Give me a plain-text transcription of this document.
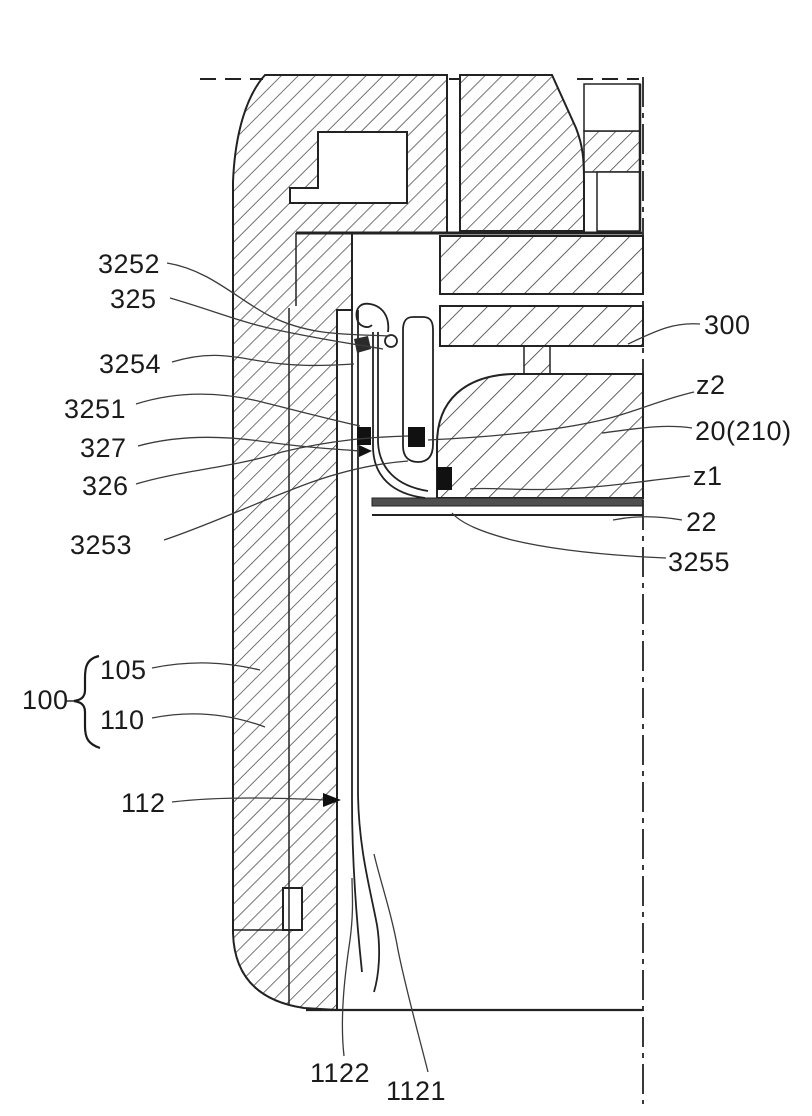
3252
325
3254
3251
327
326
3253
100
105
110
112
1122
1121
300
z2
20(210)
z1
22
3255
